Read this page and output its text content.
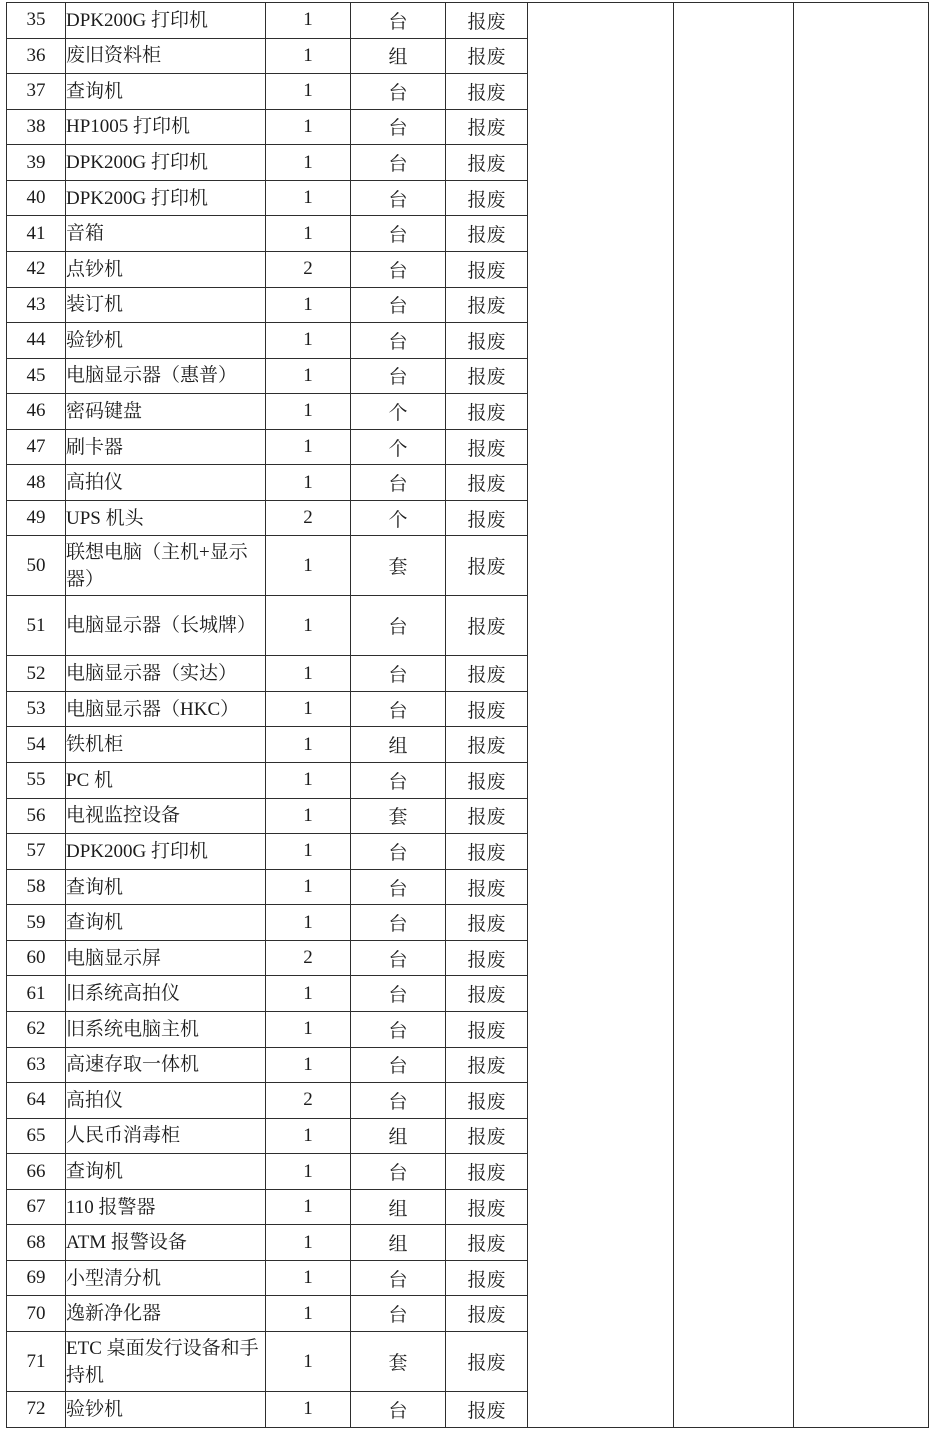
35	DPK200G 打印机	1	台	报废			
36	废旧资料柜	1	组	报废			
37	查询机	1	台	报废			
38	HP1005 打印机	1	台	报废			
39	DPK200G 打印机	1	台	报废			
40	DPK200G 打印机	1	台	报废			
41	音箱	1	台	报废			
42	点钞机	2	台	报废			
43	装订机	1	台	报废			
44	验钞机	1	台	报废			
45	电脑显示器（惠普）	1	台	报废			
46	密码键盘	1	个	报废			
47	刷卡器	1	个	报废			
48	高拍仪	1	台	报废			
49	UPS 机头	2	个	报废			
50	联想电脑（主机+显示器）	1	套	报废			
51	电脑显示器（长城牌）	1	台	报废			
52	电脑显示器（实达）	1	台	报废			
53	电脑显示器（HKC）	1	台	报废			
54	铁机柜	1	组	报废			
55	PC 机	1	台	报废			
56	电视监控设备	1	套	报废			
57	DPK200G 打印机	1	台	报废			
58	查询机	1	台	报废			
59	查询机	1	台	报废			
60	电脑显示屏	2	台	报废			
61	旧系统高拍仪	1	台	报废			
62	旧系统电脑主机	1	台	报废			
63	高速存取一体机	1	台	报废			
64	高拍仪	2	台	报废			
65	人民币消毒柜	1	组	报废			
66	查询机	1	台	报废			
67	110 报警器	1	组	报废			
68	ATM 报警设备	1	组	报废			
69	小型清分机	1	台	报废			
70	逸新净化器	1	台	报废			
71	ETC 桌面发行设备和手持机	1	套	报废			
72	验钞机	1	台	报废			
